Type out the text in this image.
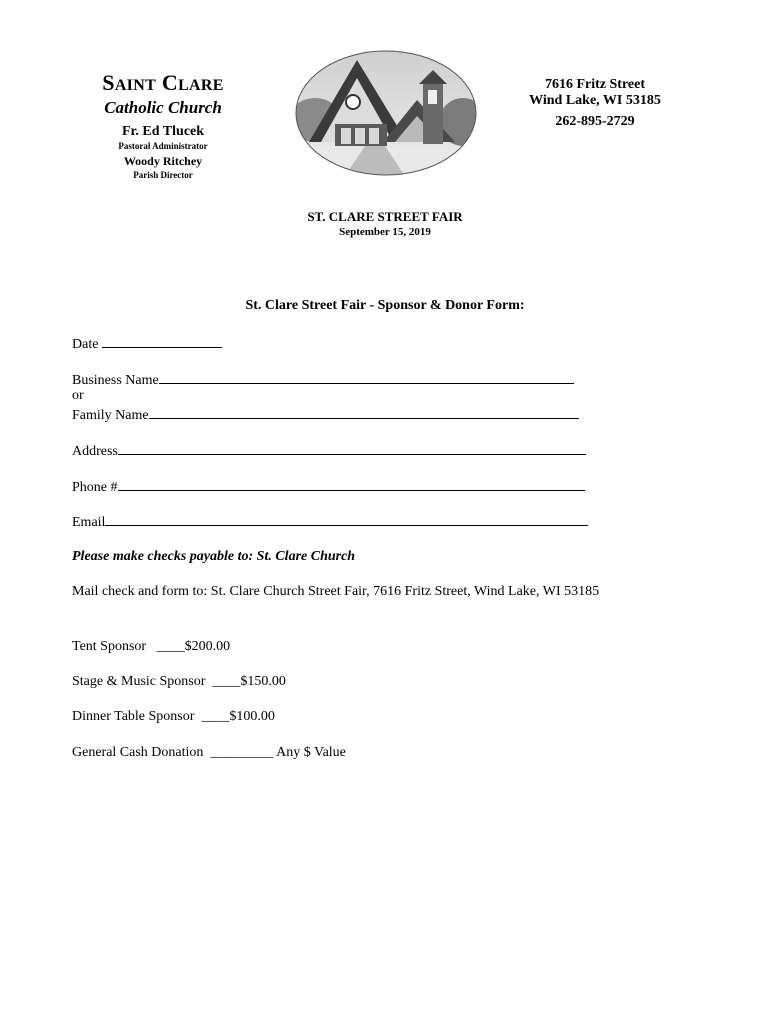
SAINT CLARE
Catholic Church
Fr. Ed Tlucek
Pastoral Administrator
Woody Ritchey
Parish Director
7616 Fritz Street
Wind Lake, WI 53185
262-895-2729
ST. CLARE STREET FAIR
September 15, 2019
St. Clare Street Fair - Sponsor & Donor Form:
Date
Business Name
or
Family Name
Address
Phone #
Email
Please make checks payable to: St. Clare Church
Mail check and form to: St. Clare Church Street Fair, 7616 Fritz Street, Wind Lake, WI 53185
Tent Sponsor ____$200.00
Stage & Music Sponsor ____$150.00
Dinner Table Sponsor ____$100.00
General Cash Donation _________ Any $ Value
